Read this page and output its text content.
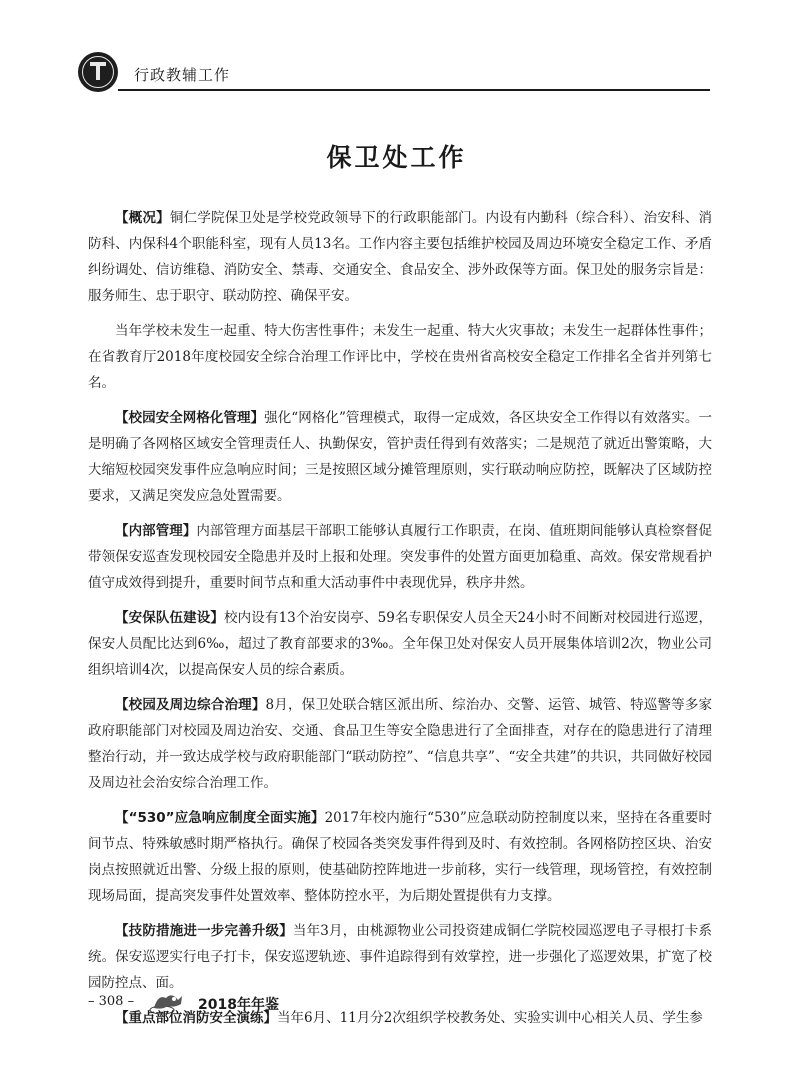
行政教辅工作
保卫处工作

【概况】铜仁学院保卫处是学校党政领导下的行政职能部门。内设有内勤科（综合科）、治安科、消防科、内保科4个职能科室，现有人员13名。工作内容主要包括维护校园及周边环境安全稳定工作、矛盾纠纷调处、信访维稳、消防安全、禁毒、交通安全、食品安全、涉外政保等方面。保卫处的服务宗旨是：服务师生、忠于职守、联动防控、确保平安。

当年学校未发生一起重、特大伤害性事件；未发生一起重、特大火灾事故；未发生一起群体性事件；在省教育厅2018年度校园安全综合治理工作评比中，学校在贵州省高校安全稳定工作排名全省并列第七名。

【校园安全网格化管理】强化“网格化”管理模式，取得一定成效，各区块安全工作得以有效落实。一是明确了各网格区域安全管理责任人、执勤保安，管护责任得到有效落实；二是规范了就近出警策略，大大缩短校园突发事件应急响应时间；三是按照区域分摊管理原则，实行联动响应防控，既解决了区域防控要求，又满足突发应急处置需要。

【内部管理】内部管理方面基层干部职工能够认真履行工作职责，在岗、值班期间能够认真检察督促带领保安巡查发现校园安全隐患并及时上报和处理。突发事件的处置方面更加稳重、高效。保安常规看护值守成效得到提升，重要时间节点和重大活动事件中表现优异，秩序井然。

【安保队伍建设】校内设有13个治安岗亭、59名专职保安人员全天24小时不间断对校园进行巡逻，保安人员配比达到6‰，超过了教育部要求的3‰。全年保卫处对保安人员开展集体培训2次，物业公司组织培训4次，以提高保安人员的综合素质。

【校园及周边综合治理】8月，保卫处联合辖区派出所、综治办、交警、运管、城管、特巡警等多家政府职能部门对校园及周边治安、交通、食品卫生等安全隐患进行了全面排查，对存在的隐患进行了清理整治行动，并一致达成学校与政府职能部门“联动防控”、“信息共享”、“安全共建”的共识，共同做好校园及周边社会治安综合治理工作。

【“530”应急响应制度全面实施】2017年校内施行“530”应急联动防控制度以来，坚持在各重要时间节点、特殊敏感时期严格执行。确保了校园各类突发事件得到及时、有效控制。各网格防控区块、治安岗点按照就近出警、分级上报的原则，使基础防控阵地进一步前移，实行一线管理，现场管控，有效控制现场局面，提高突发事件处置效率、整体防控水平，为后期处置提供有力支撑。

【技防措施进一步完善升级】当年3月，由桃源物业公司投资建成铜仁学院校园巡逻电子寻根打卡系统。保安巡逻实行电子打卡，保安巡逻轨迹、事件追踪得到有效掌控，进一步强化了巡逻效果，扩宽了校园防控点、面。

【重点部位消防安全演练】当年6月、11月分2次组织学校教务处、实验实训中心相关人员、学生参

– 308 –	2018年年鉴
